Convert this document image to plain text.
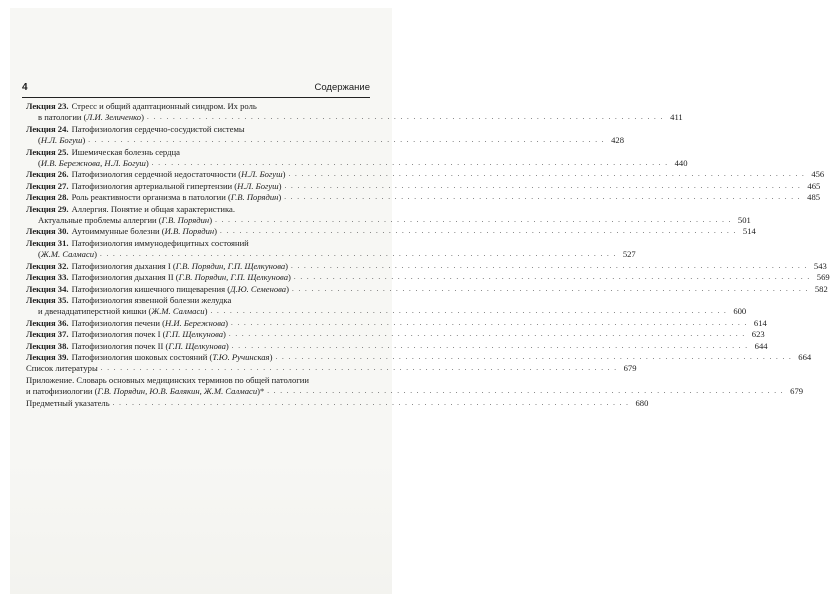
4	Содержание
Лекция 23. Стресс и общий адаптационный синдром. Их роль
в патологии ( Л.И. Зеличенко ) . . . . . . . . . . . . . . . . . . . . . . . . . . . . . . . . . . . . . . . . . . . . . . . . . . . . . . . . . . . . . . . . . . . . . . . . . . . . . . . . 411
Лекция 24. Патофизиология сердечно-сосудистой системы
( Н.Л. Богуш ) . . . . . . . . . . . . . . . . . . . . . . . . . . . . . . . . . . . . . . . . . . . . . . . . . . . . . . . . . . . . . . . . . . . . . . . . . . . . . . . . 428
Лекция 25. Ишемическая болезнь сердца
( И.В. Бережнова, Н.Л. Богуш ) . . . . . . . . . . . . . . . . . . . . . . . . . . . . . . . . . . . . . . . . . . . . . . . . . . . . . . . . . . . . . . . . . . . . . . . . . . . . . . . . 440
Лекция 26. Патофизиология сердечной недостаточности ( Н.Л. Богуш ) . . . . . . . . . . . . . . . . . . . . . . . . . . . . . . . . . . . . . . . . . . . . . . . . . . . . . . . . . . . . . . . . . . . . . . . . . . . . . . . . 456
Лекция 27. Патофизиология артериальной гипертензии ( Н.Л. Богуш ) . . . . . . . . . . . . . . . . . . . . . . . . . . . . . . . . . . . . . . . . . . . . . . . . . . . . . . . . . . . . . . . . . . . . . . . . . . . . . . . . 465
Лекция 28. Роль реактивности организма в патологии ( Г.В. Порядин ) . . . . . . . . . . . . . . . . . . . . . . . . . . . . . . . . . . . . . . . . . . . . . . . . . . . . . . . . . . . . . . . . . . . . . . . . . . . . . . . . 485
Лекция 29. Аллергия. Понятие и общая характеристика.
Актуальные проблемы аллергии ( Г.В. Порядин ) . . . . . . . . . . . . . . . . . . . . . . . . . . . . . . . . . . . . . . . . . . . . . . . . . . . . . . . . . . . . . . . . . . . . . . . . . . . . . . . . 501
Лекция 30. Аутоиммунные болезни ( И.В. Порядин ) . . . . . . . . . . . . . . . . . . . . . . . . . . . . . . . . . . . . . . . . . . . . . . . . . . . . . . . . . . . . . . . . . . . . . . . . . . . . . . . . 514
Лекция 31. Патофизиология иммунодефицитных состояний
( Ж.М. Салмаси ) . . . . . . . . . . . . . . . . . . . . . . . . . . . . . . . . . . . . . . . . . . . . . . . . . . . . . . . . . . . . . . . . . . . . . . . . . . . . . . . . 527
Лекция 32. Патофизиология дыхания I ( Г.В. Порядин, Г.П. Щелкунова ) . . . . . . . . . . . . . . . . . . . . . . . . . . . . . . . . . . . . . . . . . . . . . . . . . . . . . . . . . . . . . . . . . . . . . . . . . . . . . . . . 543
Лекция 33. Патофизиология дыхания II ( Г.В. Порядин, Г.П. Щелкунова ) . . . . . . . . . . . . . . . . . . . . . . . . . . . . . . . . . . . . . . . . . . . . . . . . . . . . . . . . . . . . . . . . . . . . . . . . . . . . . . . . 569
Лекция 34. Патофизиология кишечного пищеварения ( Д.Ю. Семенова ) . . . . . . . . . . . . . . . . . . . . . . . . . . . . . . . . . . . . . . . . . . . . . . . . . . . . . . . . . . . . . . . . . . . . . . . . . . . . . . . . 582
Лекция 35. Патофизиология язвенной болезни желудка
и двенадцатиперстной кишки ( Ж.М. Салмаси ) . . . . . . . . . . . . . . . . . . . . . . . . . . . . . . . . . . . . . . . . . . . . . . . . . . . . . . . . . . . . . . . . . . . . . . . . . . . . . . . . 600
Лекция 36. Патофизиология печени ( Н.И. Бережнова ) . . . . . . . . . . . . . . . . . . . . . . . . . . . . . . . . . . . . . . . . . . . . . . . . . . . . . . . . . . . . . . . . . . . . . . . . . . . . . . . . 614
Лекция 37. Патофизиология почек I ( Г.П. Щелкунова ) . . . . . . . . . . . . . . . . . . . . . . . . . . . . . . . . . . . . . . . . . . . . . . . . . . . . . . . . . . . . . . . . . . . . . . . . . . . . . . . . 623
Лекция 38. Патофизиология почек II ( Г.П. Щелкунова ) . . . . . . . . . . . . . . . . . . . . . . . . . . . . . . . . . . . . . . . . . . . . . . . . . . . . . . . . . . . . . . . . . . . . . . . . . . . . . . . . 644
Лекция 39. Патофизиология шоковых состояний ( Т.Ю. Ручинская ) . . . . . . . . . . . . . . . . . . . . . . . . . . . . . . . . . . . . . . . . . . . . . . . . . . . . . . . . . . . . . . . . . . . . . . . . . . . . . . . . 664
Список литературы . . . . . . . . . . . . . . . . . . . . . . . . . . . . . . . . . . . . . . . . . . . . . . . . . . . . . . . . . . . . . . . . . . . . . . . . . . . . . . . . 679
Приложение. Словарь основных медицинских терминов по общей патологии
и патофизиологии ( Г.В. Порядин, Ю.В. Балякин, Ж.М. Салмаси )* . . . . . . . . . . . . . . . . . . . . . . . . . . . . . . . . . . . . . . . . . . . . . . . . . . . . . . . . . . . . . . . . . . . . . . . . . . . . . . . . 679
Предметный указатель . . . . . . . . . . . . . . . . . . . . . . . . . . . . . . . . . . . . . . . . . . . . . . . . . . . . . . . . . . . . . . . . . . . . . . . . . . . . . . . . 680
